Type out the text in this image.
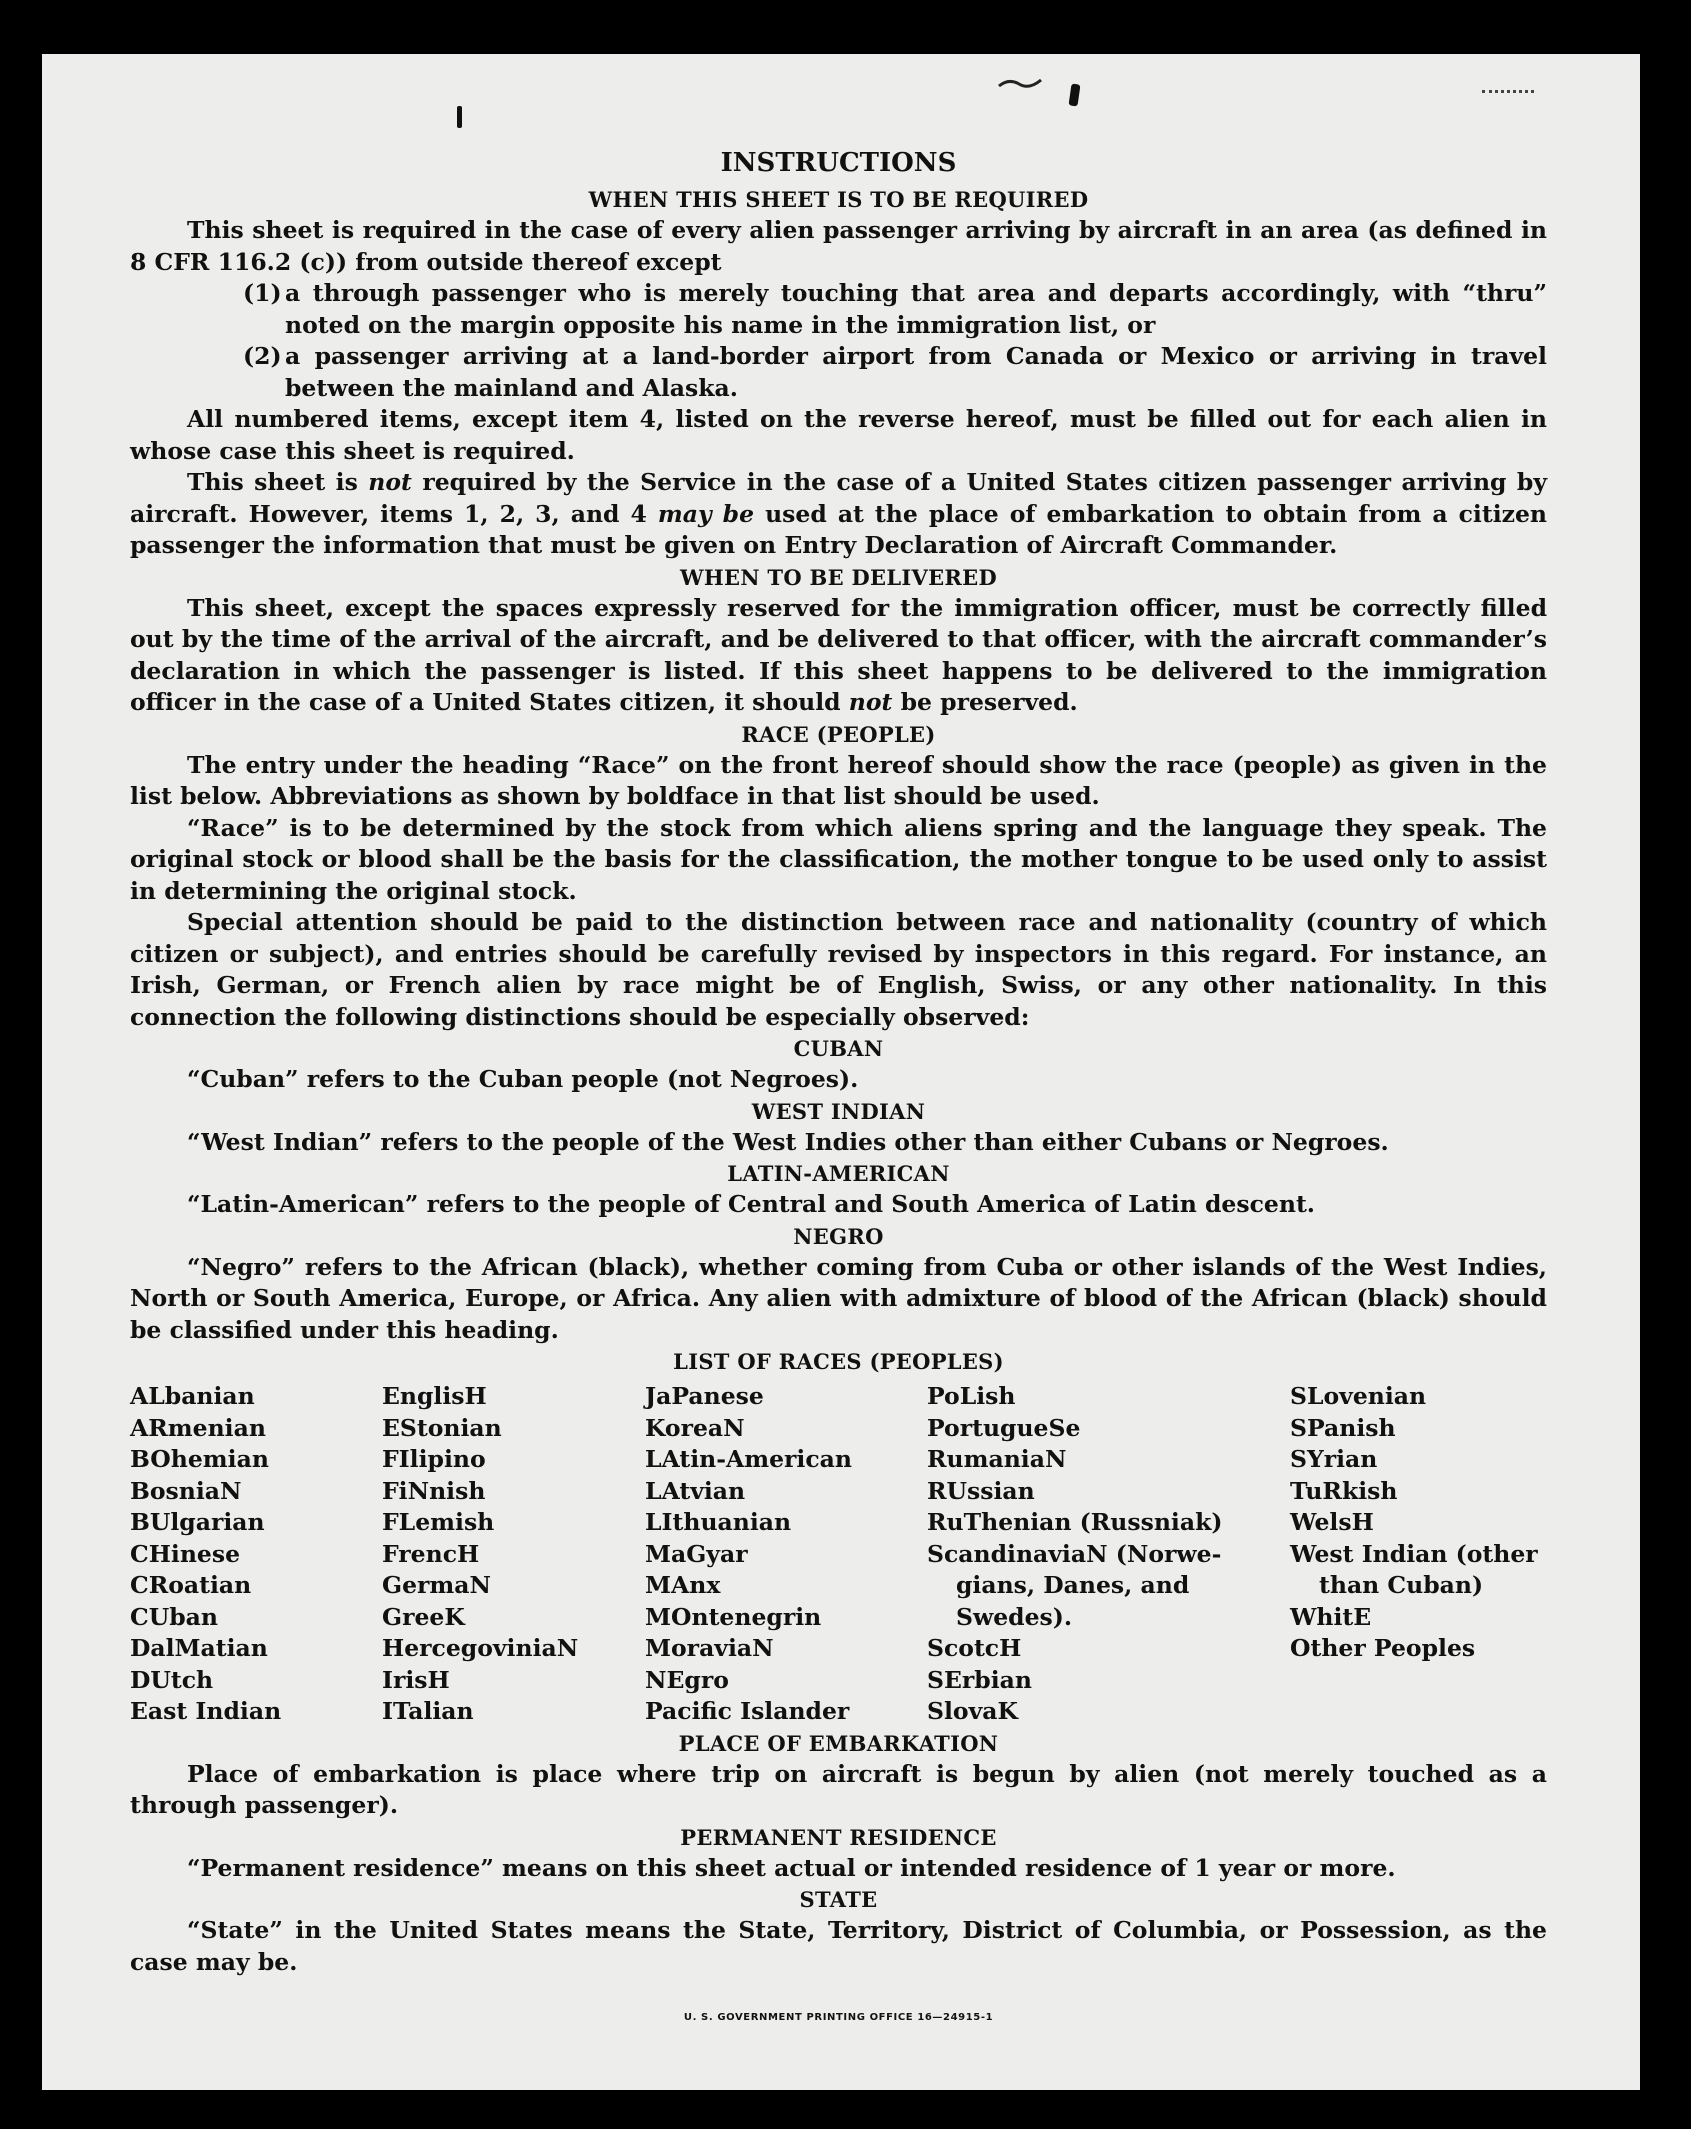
INSTRUCTIONS
WHEN THIS SHEET IS TO BE REQUIRED

This sheet is required in the case of every alien passenger arriving by aircraft in an area (as defined in 8 CFR 116.2 (c)) from outside thereof except

(1) a through passenger who is merely touching that area and departs accordingly, with “thru” noted on the margin opposite his name in the immigration list, or
(2) a passenger arriving at a land-border airport from Canada or Mexico or arriving in travel between the mainland and Alaska.

All numbered items, except item 4, listed on the reverse hereof, must be filled out for each alien in whose case this sheet is required.

This sheet is not required by the Service in the case of a United States citizen passenger arriving by aircraft. However, items 1, 2, 3, and 4 may be used at the place of embarkation to obtain from a citizen passenger the information that must be given on Entry Declaration of Aircraft Commander.

WHEN TO BE DELIVERED

This sheet, except the spaces expressly reserved for the immigration officer, must be correctly filled out by the time of the arrival of the aircraft, and be delivered to that officer, with the aircraft commander’s declaration in which the passenger is listed. If this sheet happens to be delivered to the immigration officer in the case of a United States citizen, it should not be preserved.

RACE (PEOPLE)

The entry under the heading “Race” on the front hereof should show the race (people) as given in the list below. Abbreviations as shown by boldface in that list should be used.

“Race” is to be determined by the stock from which aliens spring and the language they speak. The original stock or blood shall be the basis for the classification, the mother tongue to be used only to assist in determining the original stock.

Special attention should be paid to the distinction between race and nationality (country of which citizen or subject), and entries should be carefully revised by inspectors in this regard. For instance, an Irish, German, or French alien by race might be of English, Swiss, or any other nationality. In this connection the following distinctions should be especially observed:

CUBAN

“Cuban” refers to the Cuban people (not Negroes).

WEST INDIAN

“West Indian” refers to the people of the West Indies other than either Cubans or Negroes.

LATIN-AMERICAN

“Latin-American” refers to the people of Central and South America of Latin descent.

NEGRO

“Negro” refers to the African (black), whether coming from Cuba or other islands of the West Indies, North or South America, Europe, or Africa. Any alien with admixture of blood of the African (black) should be classified under this heading.

LIST OF RACES (PEOPLES)
ALbanian
ARmenian
BOhemian
BosniaN
BUlgarian
CHinese
CRoatian
CUban
DalMatian
DUtch
East Indian
EnglisH
EStonian
FIlipino
FiNnish
FLemish
FrencH
GermaN
GreeK
HercegoviniaN
IrisH
ITalian
JaPanese
KoreaN
LAtin-American
LAtvian
LIthuanian
MaGyar
MAnx
MOntenegrin
MoraviaN
NEgro
Pacific Islander
PoLish
PortugueSe
RumaniaN
RUssian
RuThenian (Russniak)
ScandinaviaN (Norwe-
gians, Danes, and
Swedes).
ScotcH
SErbian
SlovaK
SLovenian
SPanish
SYrian
TuRkish
WelsH
West Indian (other
than Cuban)
WhitE
Other Peoples
PLACE OF EMBARKATION

Place of embarkation is place where trip on aircraft is begun by alien (not merely touched as a through passenger).

PERMANENT RESIDENCE

“Permanent residence” means on this sheet actual or intended residence of 1 year or more.

STATE

“State” in the United States means the State, Territory, District of Columbia, or Possession, as the case may be.

U. S. GOVERNMENT PRINTING OFFICE 16—24915-1
